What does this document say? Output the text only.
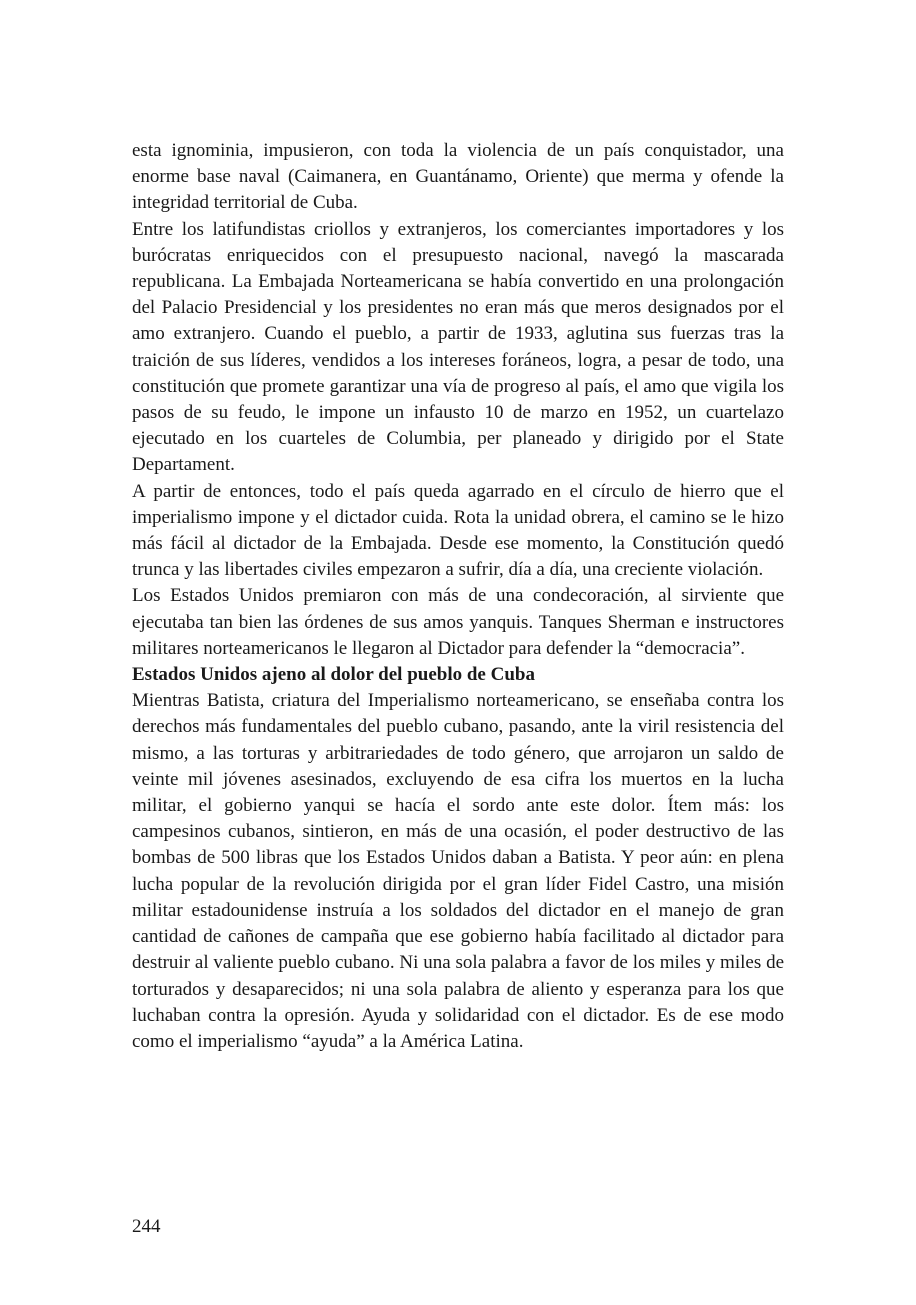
esta ignominia, impusieron, con toda la violencia de un país conquistador, una enorme base naval (Caimanera, en Guantánamo, Oriente) que merma y ofende la integridad territorial de Cuba.

Entre los latifundistas criollos y extranjeros, los comerciantes importadores y los burócratas enriquecidos con el presupuesto nacional, navegó la mascarada republicana. La Embajada Norteamericana se había convertido en una prolongación del Palacio Presidencial y los presidentes no eran más que meros designados por el amo extranjero. Cuando el pueblo, a partir de 1933, aglutina sus fuerzas tras la traición de sus líderes, vendidos a los intereses foráneos, logra, a pesar de todo, una constitución que promete garantizar una vía de progreso al país, el amo que vigila los pasos de su feudo, le impone un infausto 10 de marzo en 1952, un cuartelazo ejecutado en los cuarteles de Columbia, per planeado y dirigido por el State Departament.

A partir de entonces, todo el país queda agarrado en el círculo de hierro que el imperialismo impone y el dictador cuida. Rota la unidad obrera, el camino se le hizo más fácil al dictador de la Embajada. Desde ese momento, la Constitución quedó trunca y las libertades civiles empezaron a sufrir, día a día, una creciente violación.

Los Estados Unidos premiaron con más de una condecoración, al sirviente que ejecutaba tan bien las órdenes de sus amos yanquis. Tanques Sherman e instructores militares norteamericanos le llegaron al Dictador para defender la “democracia”.

Estados Unidos ajeno al dolor del pueblo de Cuba

Mientras Batista, criatura del Imperialismo norteamericano, se enseñaba contra los derechos más fundamentales del pueblo cubano, pasando, ante la viril resistencia del mismo, a las torturas y arbitrariedades de todo género, que arrojaron un saldo de veinte mil jóvenes asesinados, excluyendo de esa cifra los muertos en la lucha militar, el gobierno yanqui se hacía el sordo ante este dolor. Ítem más: los campesinos cubanos, sintieron, en más de una ocasión, el poder destructivo de las bombas de 500 libras que los Estados Unidos daban a Batista. Y peor aún: en plena lucha popular de la revolución dirigida por el gran líder Fidel Castro, una misión militar estadounidense instruía a los soldados del dictador en el manejo de gran cantidad de cañones de campaña que ese gobierno había facilitado al dictador para destruir al valiente pueblo cubano. Ni una sola palabra a favor de los miles y miles de torturados y desaparecidos; ni una sola palabra de aliento y esperanza para los que luchaban contra la opresión. Ayuda y solidaridad con el dictador. Es de ese modo como el imperialismo “ayuda” a la América Latina.

244
